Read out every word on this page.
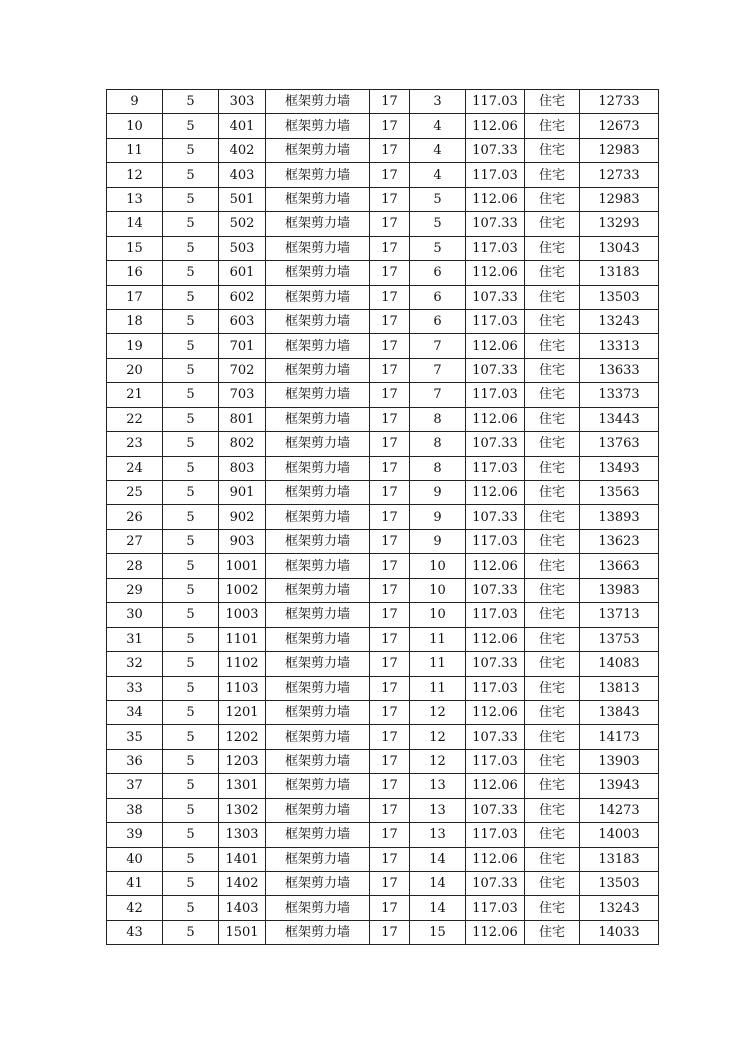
9	5	303	框架剪力墙	17	3	117.03	住宅	12733
10	5	401	框架剪力墙	17	4	112.06	住宅	12673
11	5	402	框架剪力墙	17	4	107.33	住宅	12983
12	5	403	框架剪力墙	17	4	117.03	住宅	12733
13	5	501	框架剪力墙	17	5	112.06	住宅	12983
14	5	502	框架剪力墙	17	5	107.33	住宅	13293
15	5	503	框架剪力墙	17	5	117.03	住宅	13043
16	5	601	框架剪力墙	17	6	112.06	住宅	13183
17	5	602	框架剪力墙	17	6	107.33	住宅	13503
18	5	603	框架剪力墙	17	6	117.03	住宅	13243
19	5	701	框架剪力墙	17	7	112.06	住宅	13313
20	5	702	框架剪力墙	17	7	107.33	住宅	13633
21	5	703	框架剪力墙	17	7	117.03	住宅	13373
22	5	801	框架剪力墙	17	8	112.06	住宅	13443
23	5	802	框架剪力墙	17	8	107.33	住宅	13763
24	5	803	框架剪力墙	17	8	117.03	住宅	13493
25	5	901	框架剪力墙	17	9	112.06	住宅	13563
26	5	902	框架剪力墙	17	9	107.33	住宅	13893
27	5	903	框架剪力墙	17	9	117.03	住宅	13623
28	5	1001	框架剪力墙	17	10	112.06	住宅	13663
29	5	1002	框架剪力墙	17	10	107.33	住宅	13983
30	5	1003	框架剪力墙	17	10	117.03	住宅	13713
31	5	1101	框架剪力墙	17	11	112.06	住宅	13753
32	5	1102	框架剪力墙	17	11	107.33	住宅	14083
33	5	1103	框架剪力墙	17	11	117.03	住宅	13813
34	5	1201	框架剪力墙	17	12	112.06	住宅	13843
35	5	1202	框架剪力墙	17	12	107.33	住宅	14173
36	5	1203	框架剪力墙	17	12	117.03	住宅	13903
37	5	1301	框架剪力墙	17	13	112.06	住宅	13943
38	5	1302	框架剪力墙	17	13	107.33	住宅	14273
39	5	1303	框架剪力墙	17	13	117.03	住宅	14003
40	5	1401	框架剪力墙	17	14	112.06	住宅	13183
41	5	1402	框架剪力墙	17	14	107.33	住宅	13503
42	5	1403	框架剪力墙	17	14	117.03	住宅	13243
43	5	1501	框架剪力墙	17	15	112.06	住宅	14033
